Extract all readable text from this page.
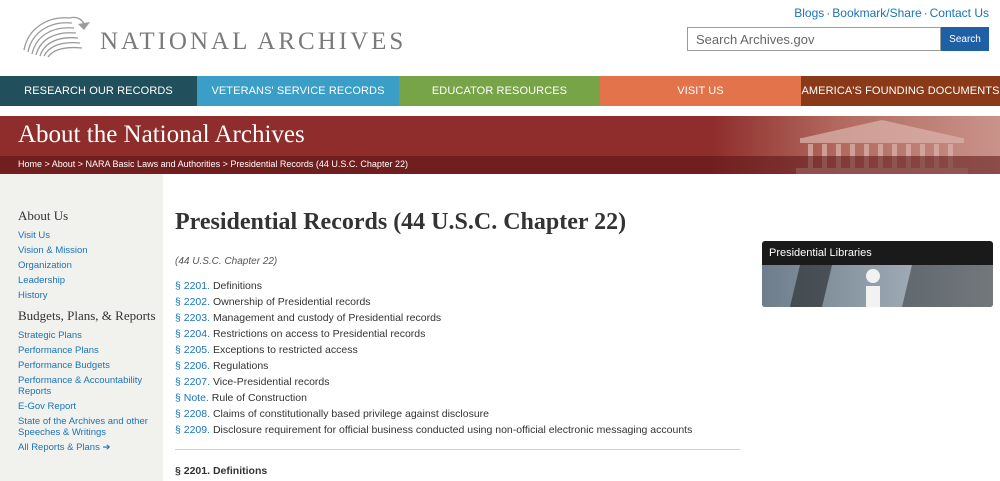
NATIONAL ARCHIVES
Blogs · Bookmark/Share · Contact Us
Search Archives.gov
Search
RESEARCH OUR RECORDS	VETERANS' SERVICE RECORDS	EDUCATOR RESOURCES	VISIT US	AMERICA'S FOUNDING DOCUMENTS
About the National Archives
Home > About > NARA Basic Laws and Authorities > Presidential Records (44 U.S.C. Chapter 22)
About Us
Visit Us
Vision & Mission
Organization
Leadership
History
Budgets, Plans, & Reports
Strategic Plans
Performance Plans
Performance Budgets
Performance & Accountability Reports
E-Gov Report
State of the Archives and other Speeches & Writings
All Reports & Plans ➔
Presidential Records (44 U.S.C. Chapter 22)
(44 U.S.C. Chapter 22)
§ 2201. Definitions
§ 2202. Ownership of Presidential records
§ 2203. Management and custody of Presidential records
§ 2204. Restrictions on access to Presidential records
§ 2205. Exceptions to restricted access
§ 2206. Regulations
§ 2207. Vice-Presidential records
§ Note. Rule of Construction
§ 2208. Claims of constitutionally based privilege against disclosure
§ 2209. Disclosure requirement for official business conducted using non-official electronic messaging accounts
§ 2201. Definitions
Presidential Libraries
